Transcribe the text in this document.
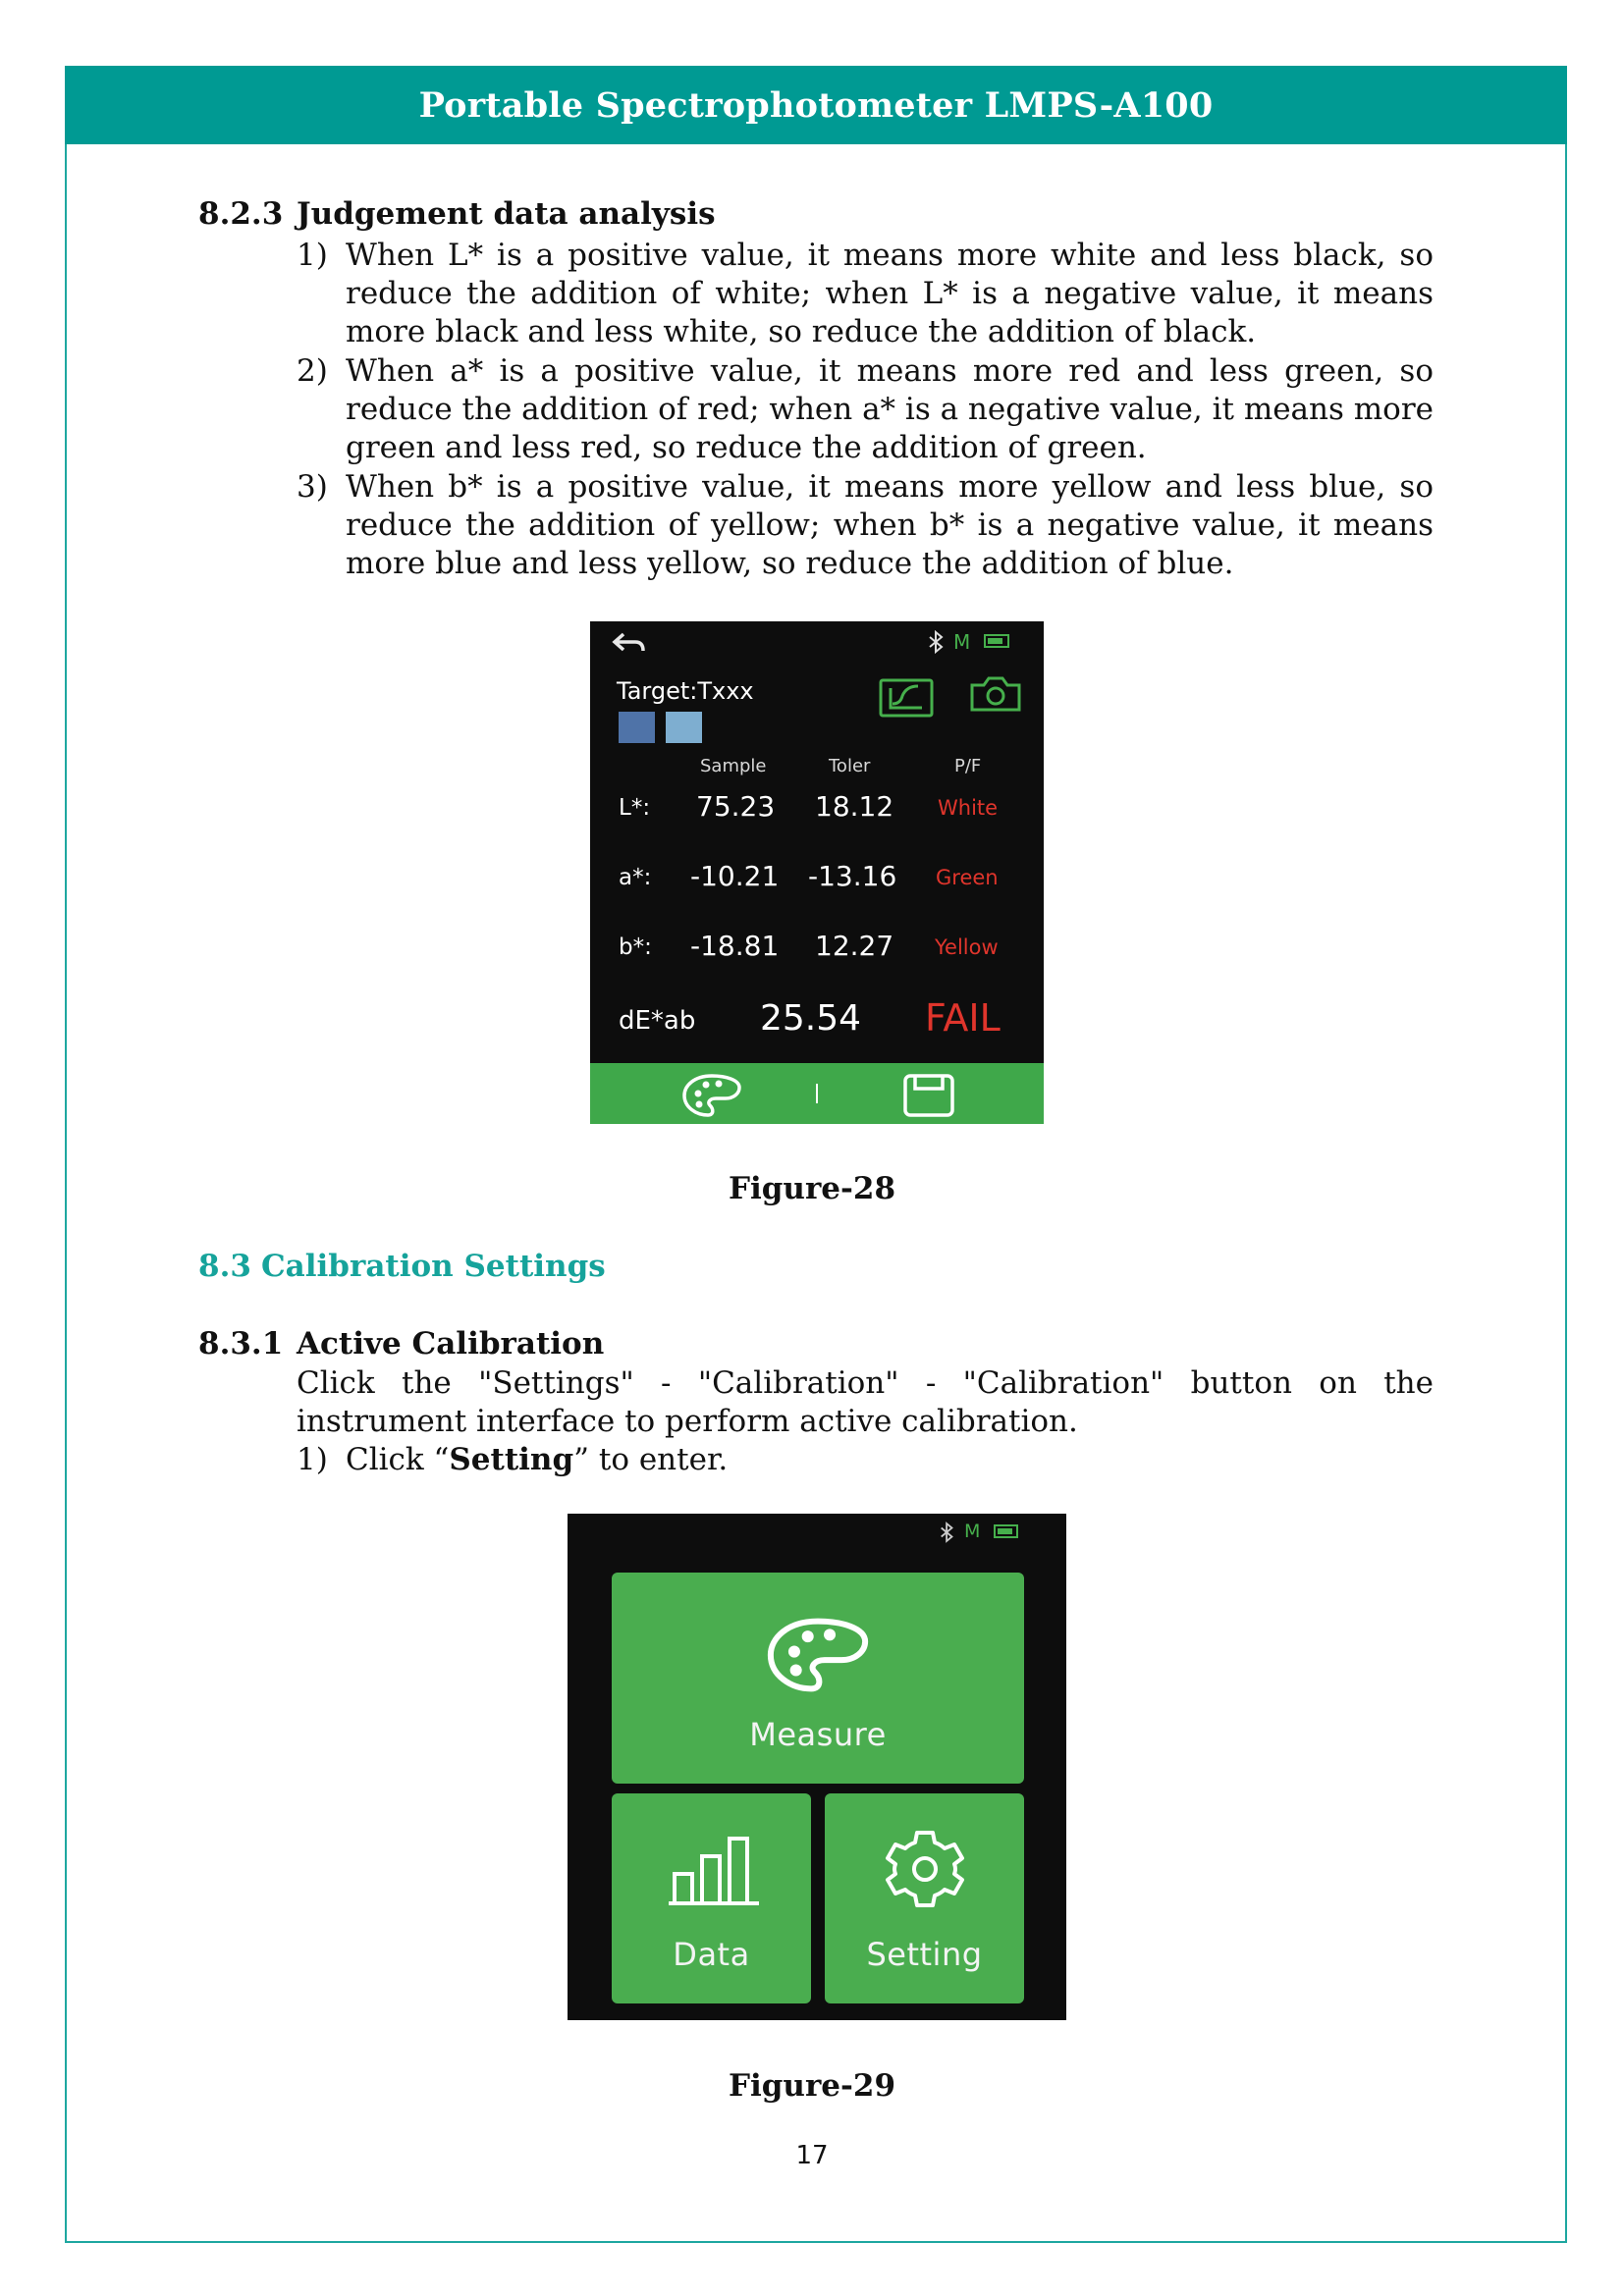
Portable Spectrophotometer LMPS-A100
8.2.3 Judgement data analysis
1) When L* is a positive value, it means more white and less black, so reduce the addition of white; when L* is a negative value, it means more black and less white, so reduce the addition of black.
2) When a* is a positive value, it means more red and less green, so reduce the addition of red; when a* is a negative value, it means more green and less red, so reduce the addition of green.
3) When b* is a positive value, it means more yellow and less blue, so reduce the addition of yellow; when b* is a negative value, it means more blue and less yellow, so reduce the addition of blue.
M
Target:Txxx
Sample	Toler	P/F
L*: 75.23 18.12 White
a*: -10.21 -13.16 Green
b*: -18.81 12.27 Yellow
dE*ab 25.54 FAIL
Figure-28
8.3 Calibration Settings
8.3.1 Active Calibration
Click the "Settings" - "Calibration" - "Calibration" button on the instrument interface to perform active calibration.
1) Click “Setting” to enter.
M
Measure
Data	Setting
Figure-29
17
